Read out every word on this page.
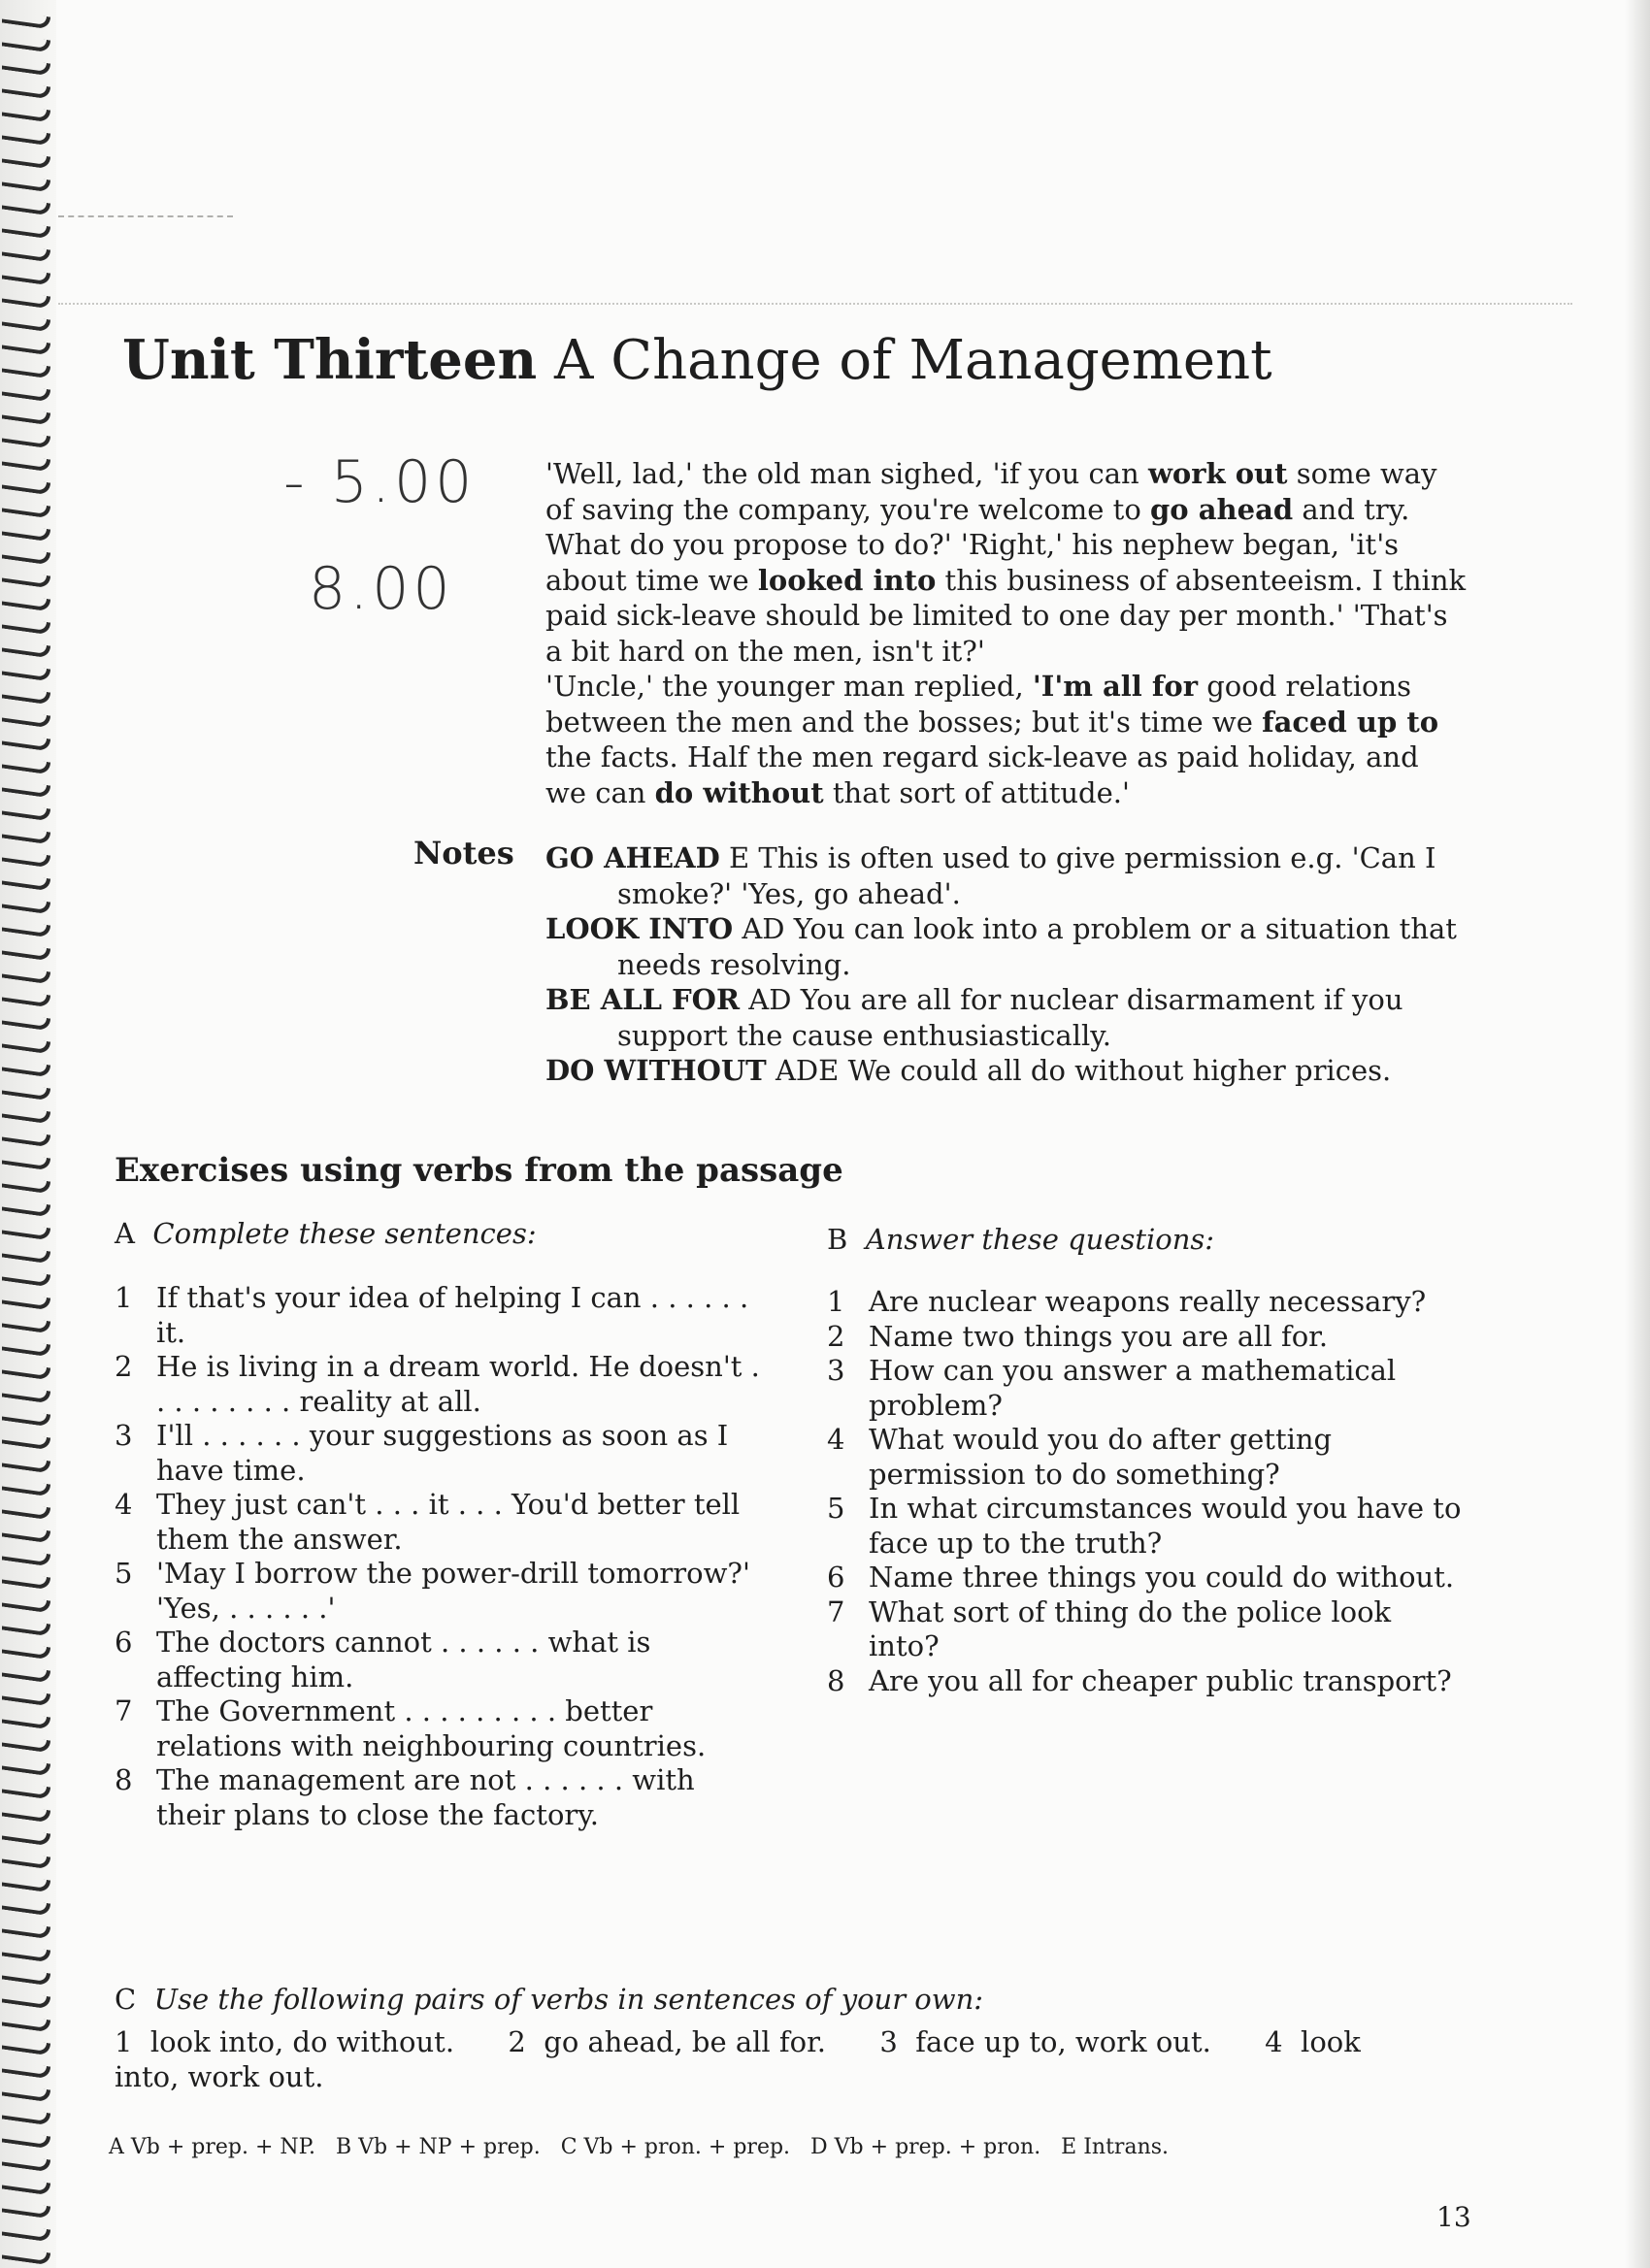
Unit Thirteen A Change of Management
- 5.00
8.00
'Well, lad,' the old man sighed, 'if you can work out some way of saving the company, you're welcome to go ahead and try. What do you propose to do?' 'Right,' his nephew began, 'it's about time we looked into this business of absenteeism. I think paid sick-leave should be limited to one day per month.' 'That's a bit hard on the men, isn't it?'
'Uncle,' the younger man replied, 'I'm all for good relations between the men and the bosses; but it's time we faced up to the facts. Half the men regard sick-leave as paid holiday, and we can do without that sort of attitude.'
Notes GO AHEAD E This is often used to give permission e.g. 'Can I smoke?' 'Yes, go ahead'.
LOOK INTO AD You can look into a problem or a situation that needs resolving.
BE ALL FOR AD You are all for nuclear disarmament if you support the cause enthusiastically.
DO WITHOUT ADE We could all do without higher prices.
Exercises using verbs from the passage
A Complete these sentences:
1 If that's your idea of helping I can . . . . . . it.
2 He is living in a dream world. He doesn't . . . . . . . . . reality at all.
3 I'll . . . . . . your suggestions as soon as I have time.
4 They just can't . . . it . . . You'd better tell them the answer.
5 'May I borrow the power-drill tomorrow?' 'Yes, . . . . . .'
6 The doctors cannot . . . . . . what is affecting him.
7 The Government . . . . . . . . . better relations with neighbouring countries.
8 The management are not . . . . . . with their plans to close the factory.
B Answer these questions:
1 Are nuclear weapons really necessary?
2 Name two things you are all for.
3 How can you answer a mathematical problem?
4 What would you do after getting permission to do something?
5 In what circumstances would you have to face up to the truth?
6 Name three things you could do without.
7 What sort of thing do the police look into?
8 Are you all for cheaper public transport?
C Use the following pairs of verbs in sentences of your own:
1 look into, do without. 2 go ahead, be all for. 3 face up to, work out. 4 look into, work out.
A Vb + prep. + NP. B Vb + NP + prep. C Vb + pron. + prep. D Vb + prep. + pron. E Intrans.
13
